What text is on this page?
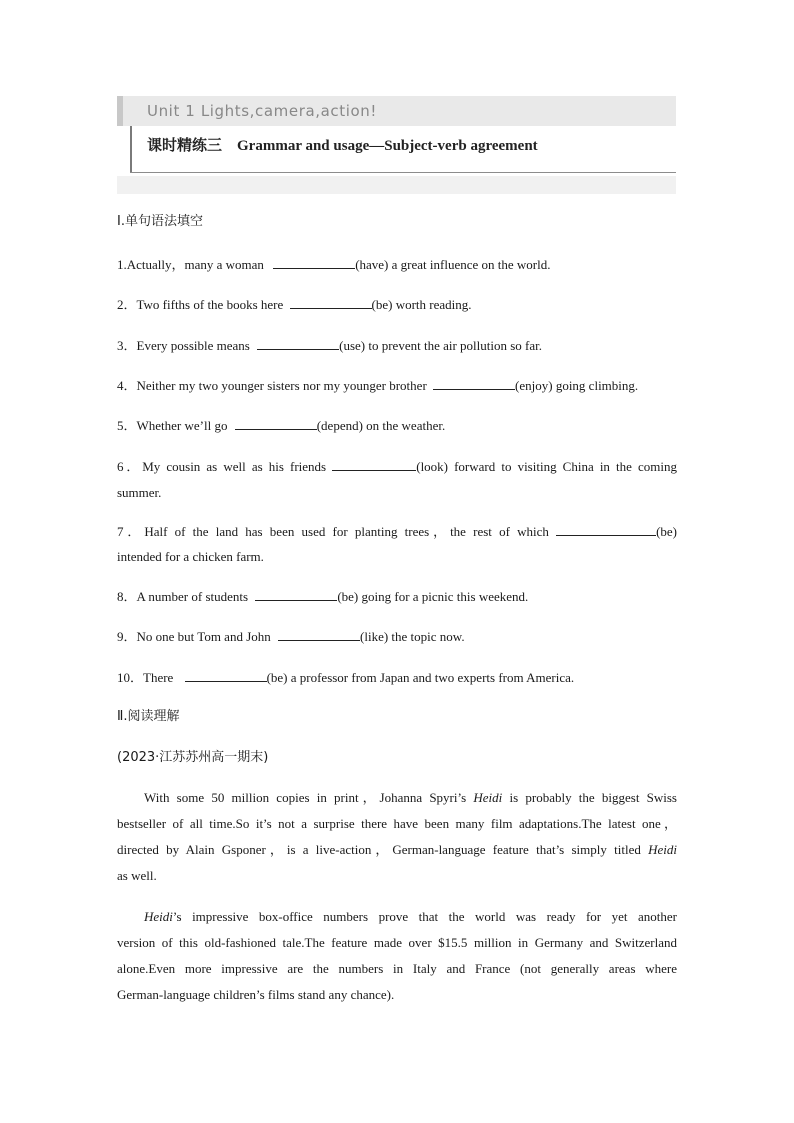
Unit 1 Lights,camera,action!
课时精练三　Grammar and usage—Subject-verb agreement
Ⅰ.单句语法填空
1.Actually，many a woman	(have) a great influence on the world.
2．Two fifths of the books here	(be) worth reading.
3．Every possible means	(use) to prevent the air pollution so far.
4．Neither my two younger sisters nor my younger brother	(enjoy) going climbing.
5．Whether we’ll go	(depend) on the weather.
6．My cousin as well as his friends	(look) forward to visiting China in the coming
summer.
7．Half of the land has been used for planting trees，the rest of which	(be)
intended for a chicken farm.
8．A number of students	(be) going for a picnic this weekend.
9．No one but Tom and John	(like) the topic now.
10．There	(be) a professor from Japan and two experts from America.
Ⅱ.阅读理解
(2023·江苏苏州高一期末)
With some 50 million copies in print，Johanna Spyri’s Heidi is probably the biggest Swiss
bestseller of all time.So it’s not a surprise there have been many film adaptations.The latest one，
directed by Alain Gsponer，is a live-action，German-language feature that’s simply titled Heidi
as well.
Heidi’s impressive box-office numbers prove that the world was ready for yet another
version of this old-fashioned tale.The feature made over $15.5 million in Germany and Switzerland
alone.Even more impressive are the numbers in Italy and France (not generally areas where
German-language children’s films stand any chance).
